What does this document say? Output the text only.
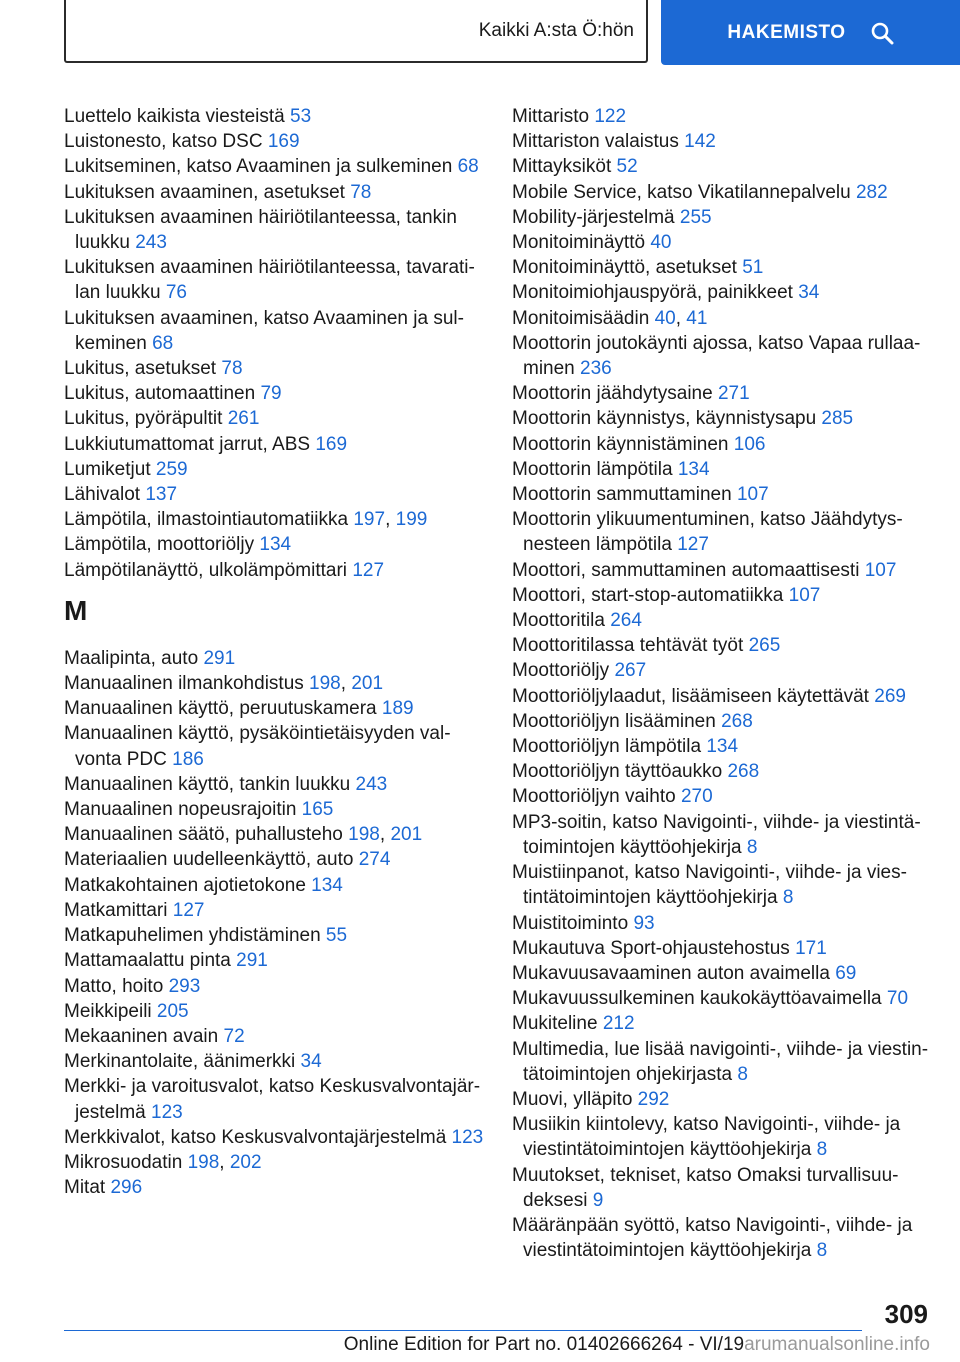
Kaikki A:sta Ö:hön	HAKEMISTO
Luettelo kaikista viesteistä 53
Luistonesto, katso DSC 169
Lukitseminen, katso Avaaminen ja sulkeminen 68
Lukituksen avaaminen, asetukset 78
Lukituksen avaaminen häiriötilanteessa, tankin luukku 243
Lukituksen avaaminen häiriötilanteessa, tavaratilan luukku 76
Lukituksen avaaminen, katso Avaaminen ja sulkeminen 68
Lukitus, asetukset 78
Lukitus, automaattinen 79
Lukitus, pyöräpultit 261
Lukkiutumattomat jarrut, ABS 169
Lumiketjut 259
Lähivalot 137
Lämpötila, ilmastointiautomatiikka 197, 199
Lämpötila, moottoriöljy 134
Lämpötilanäyttö, ulkolämpömittari 127
M
Maalipinta, auto 291
Manuaalinen ilmankohdistus 198, 201
Manuaalinen käyttö, peruutuskamera 189
Manuaalinen käyttö, pysäköintietäisyyden valvonta PDC 186
Manuaalinen käyttö, tankin luukku 243
Manuaalinen nopeusrajoitin 165
Manuaalinen säätö, puhallusteho 198, 201
Materiaalien uudelleenkäyttö, auto 274
Matkakohtainen ajotietokone 134
Matkamittari 127
Matkapuhelimen yhdistäminen 55
Mattamaalattu pinta 291
Matto, hoito 293
Meikkipeili 205
Mekaaninen avain 72
Merkinantolaite, äänimerkki 34
Merkki- ja varoitusvalot, katso Keskusvalvontajärjestelmä 123
Merkkivalot, katso Keskusvalvontajärjestelmä 123
Mikrosuodatin 198, 202
Mitat 296
Mittaristo 122
Mittariston valaistus 142
Mittayksiköt 52
Mobile Service, katso Vikatilannepalvelu 282
Mobility-järjestelmä 255
Monitoiminäyttö 40
Monitoiminäyttö, asetukset 51
Monitoimiohjauspyörä, painikkeet 34
Monitoimisäädin 40, 41
Moottorin joutokäynti ajossa, katso Vapaa rullaaminen 236
Moottorin jäähdytysaine 271
Moottorin käynnistys, käynnistysapu 285
Moottorin käynnistäminen 106
Moottorin lämpötila 134
Moottorin sammuttaminen 107
Moottorin ylikuumentuminen, katso Jäähdytysnesteen lämpötila 127
Moottori, sammuttaminen automaattisesti 107
Moottori, start-stop-automatiikka 107
Moottoritila 264
Moottoritilassa tehtävät työt 265
Moottoriöljy 267
Moottoriöljylaadut, lisäämiseen käytettävät 269
Moottoriöljyn lisääminen 268
Moottoriöljyn lämpötila 134
Moottoriöljyn täyttöaukko 268
Moottoriöljyn vaihto 270
MP3-soitin, katso Navigointi-, viihde- ja viestintätoimintojen käyttöohjekirja 8
Muistiinpanot, katso Navigointi-, viihde- ja viestintätoimintojen käyttöohjekirja 8
Muistitoiminto 93
Mukautuva Sport-ohjaustehostus 171
Mukavuusavaaminen auton avaimella 69
Mukavuussulkeminen kaukokäyttöavaimella 70
Mukiteline 212
Multimedia, lue lisää navigointi-, viihde- ja viestintätoimintojen ohjekirjasta 8
Muovi, ylläpito 292
Musiikin kiintolevy, katso Navigointi-, viihde- ja viestintätoimintojen käyttöohjekirja 8
Muutokset, tekniset, katso Omaksi turvallisuudeksesi 9
Määränpään syöttö, katso Navigointi-, viihde- ja viestintätoimintojen käyttöohjekirja 8
309
Online Edition for Part no. 01402666264 - VI/19arumanualsonline.info
